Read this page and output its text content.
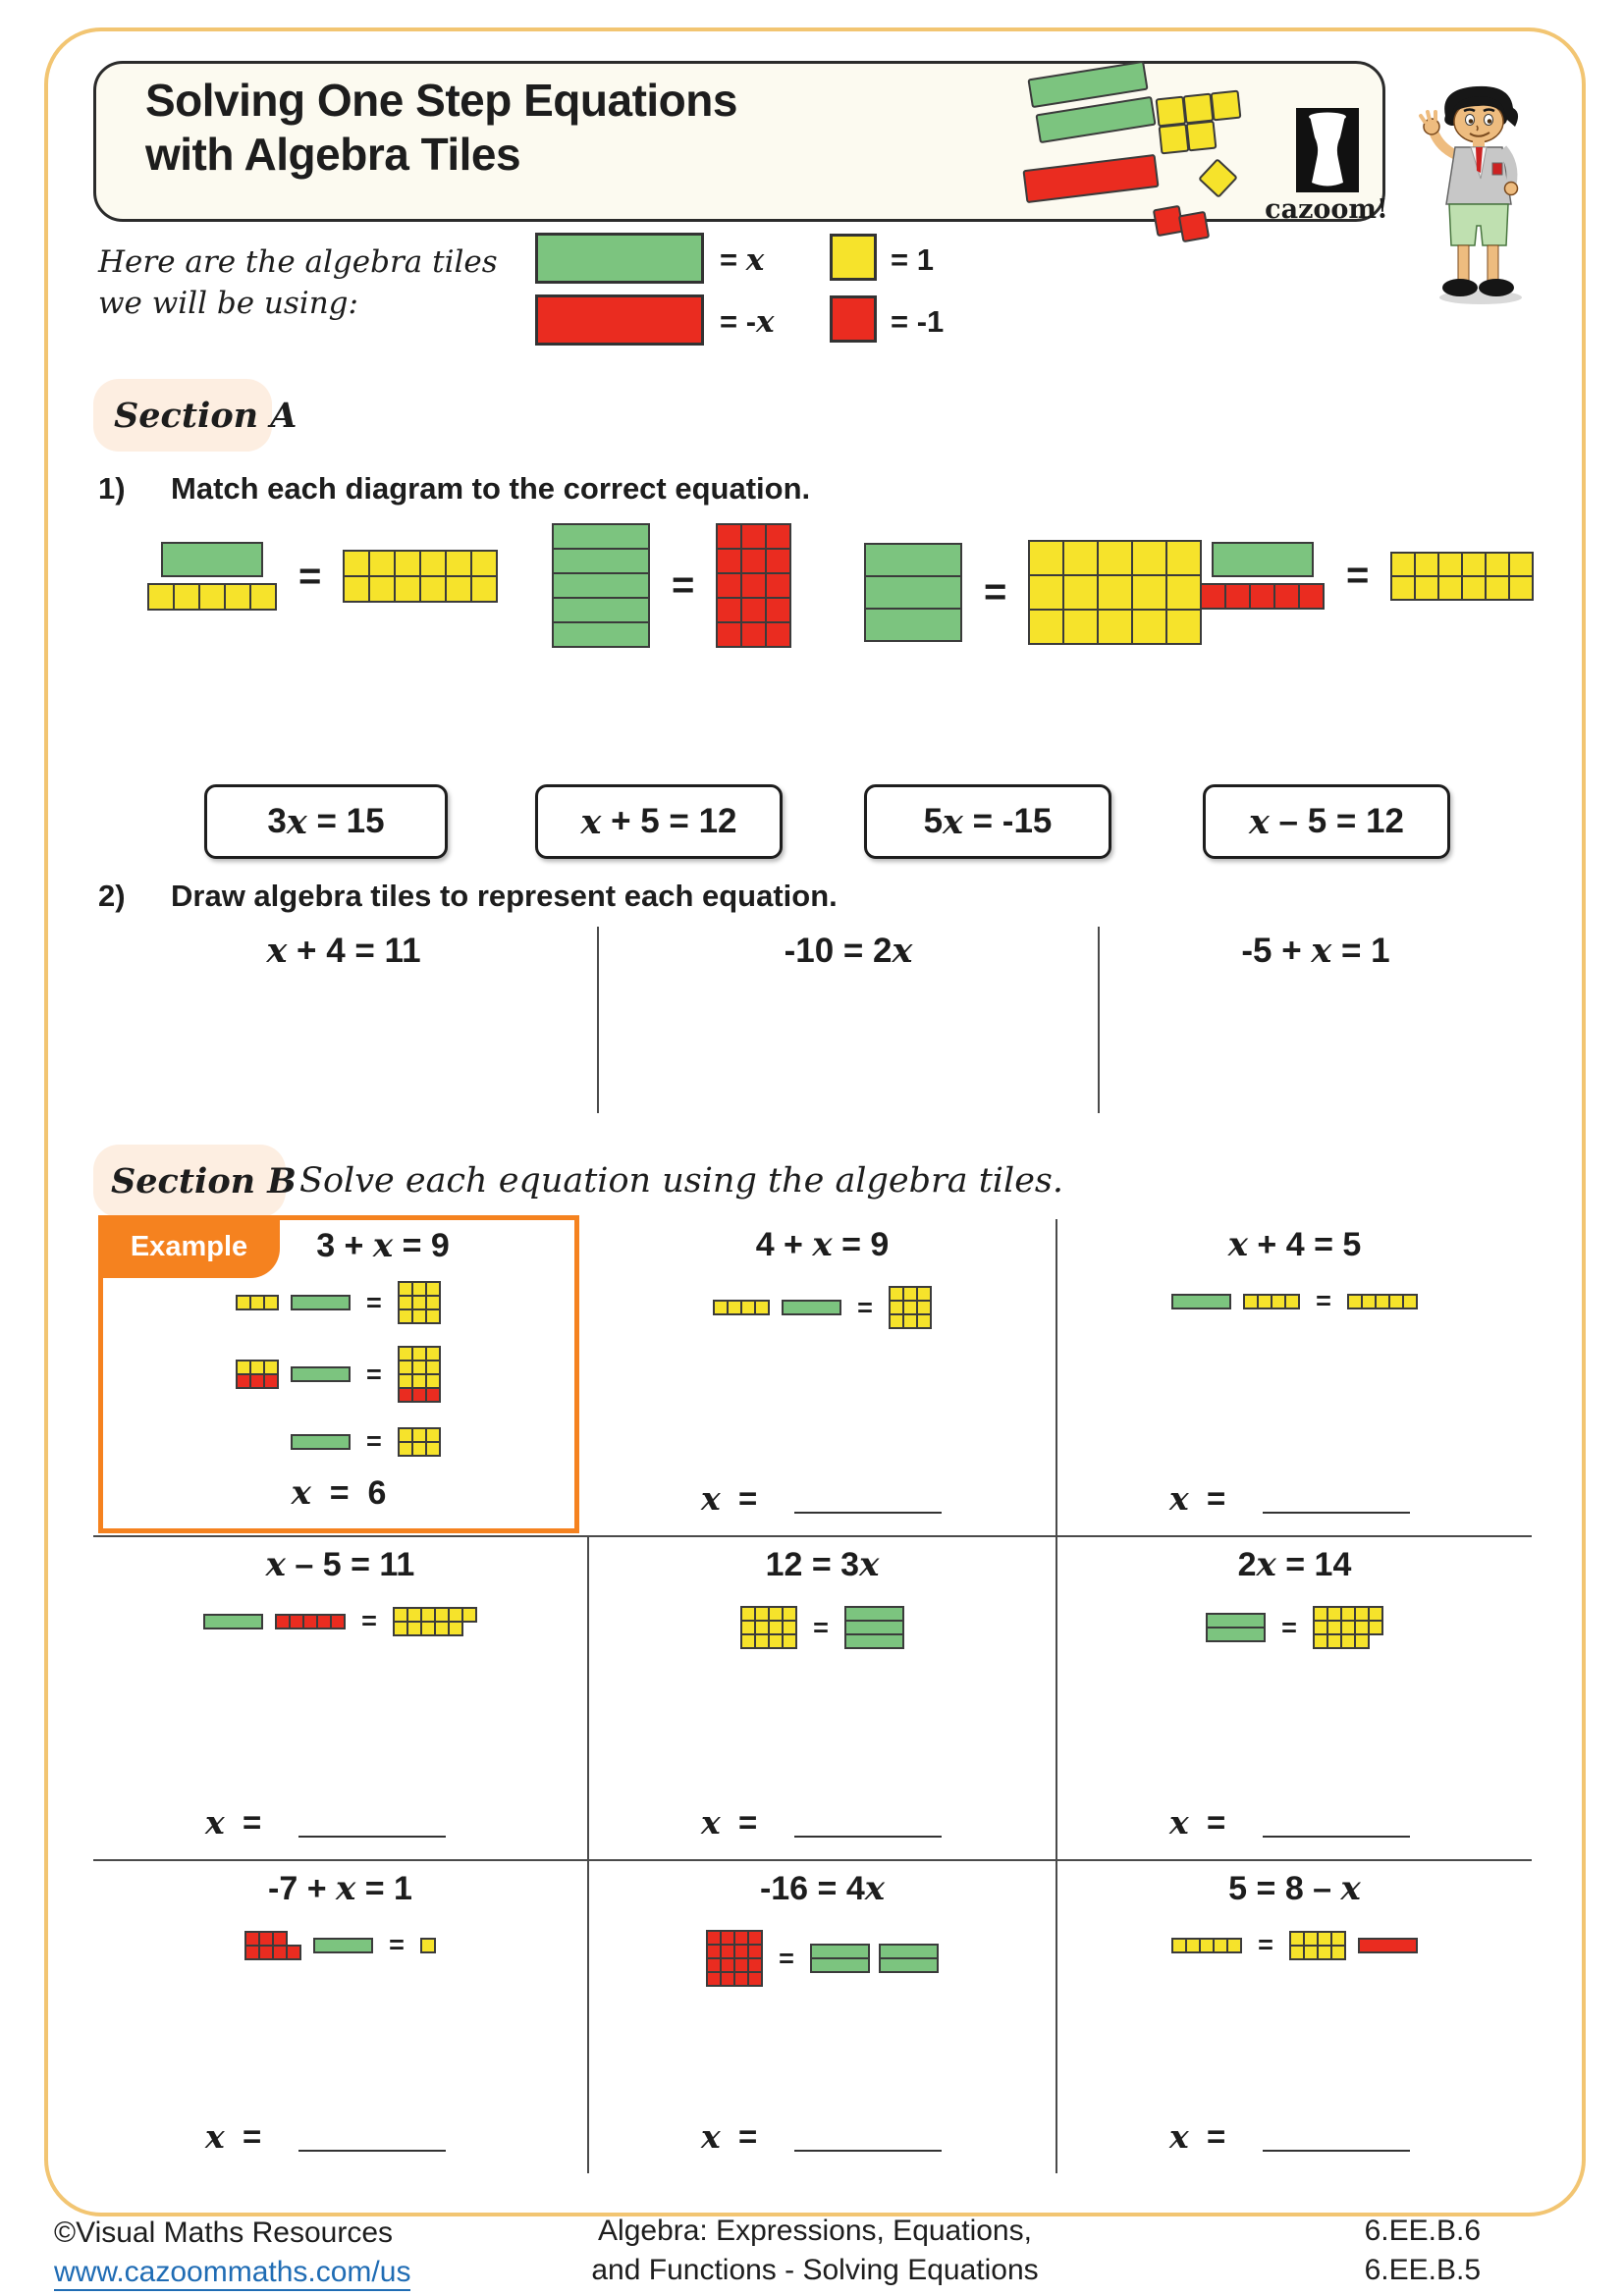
Solving One Step Equations
with Algebra Tiles
cazoom!
Here are the algebra tiles
we will be using:
= x	= 1
= -x	= -1
Section A
1) Match each diagram to the correct equation.
=	=	=	=
3 x = 15	x + 5 = 12	5 x = -15	x – 5 = 12
2) Draw algebra tiles to represent each equation.
x + 4 = 11	-10 = 2x	-5 + x = 1
Section B Solve each equation using the algebra tiles.
Example	3 + x = 9
=
=
=
x  =  6
4 + x = 9
=
x  =
x + 4 = 5
=
x  =
x – 5 = 11
=
x  =
12 = 3x
=
x  =
2x = 14
=
x  =
-7 + x = 1
=
x  =
-16 = 4x
=
x  =
5 = 8 – x
=
x  =
©Visual Maths Resources
www.cazoommaths.com/us
Algebra: Expressions, Equations,
and Functions - Solving Equations
6.EE.B.6
6.EE.B.5
